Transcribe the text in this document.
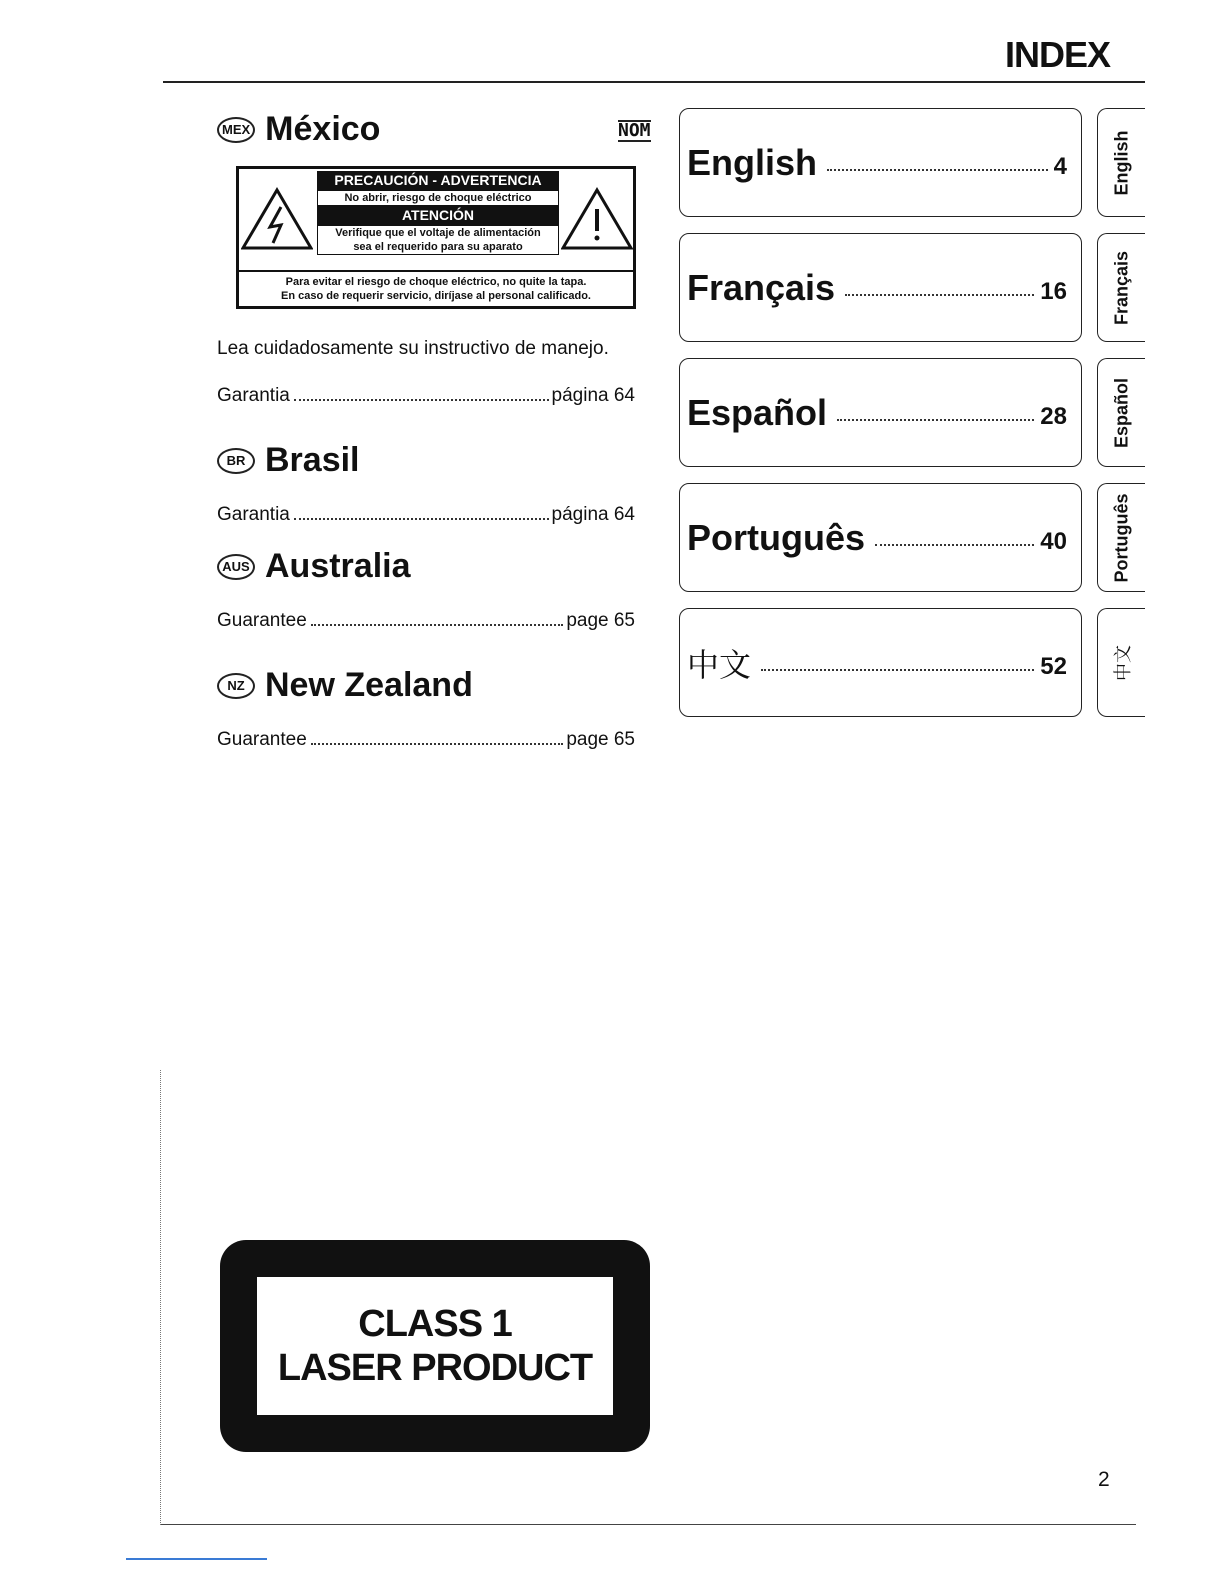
INDEX
MEX México	NOM
PRECAUCIÓN - ADVERTENCIA
No abrir, riesgo de choque eléctrico
ATENCIÓN
Verifique que el voltaje de alimentación
sea el requerido para su aparato
Para evitar el riesgo de choque eléctrico, no quite la tapa.
En caso de requerir servicio, diríjase al personal calificado.
Lea cuidadosamente su instructivo de manejo.
Garantia	página 64
BR Brasil
Garantia	página 64
AUS Australia
Guarantee	page 65
NZ New Zealand
Guarantee	page 65
English	4 English
Français	16 Français
Español	28 Español
Português	40 Português
中文	52	中文
CLASS 1
LASER PRODUCT
2
